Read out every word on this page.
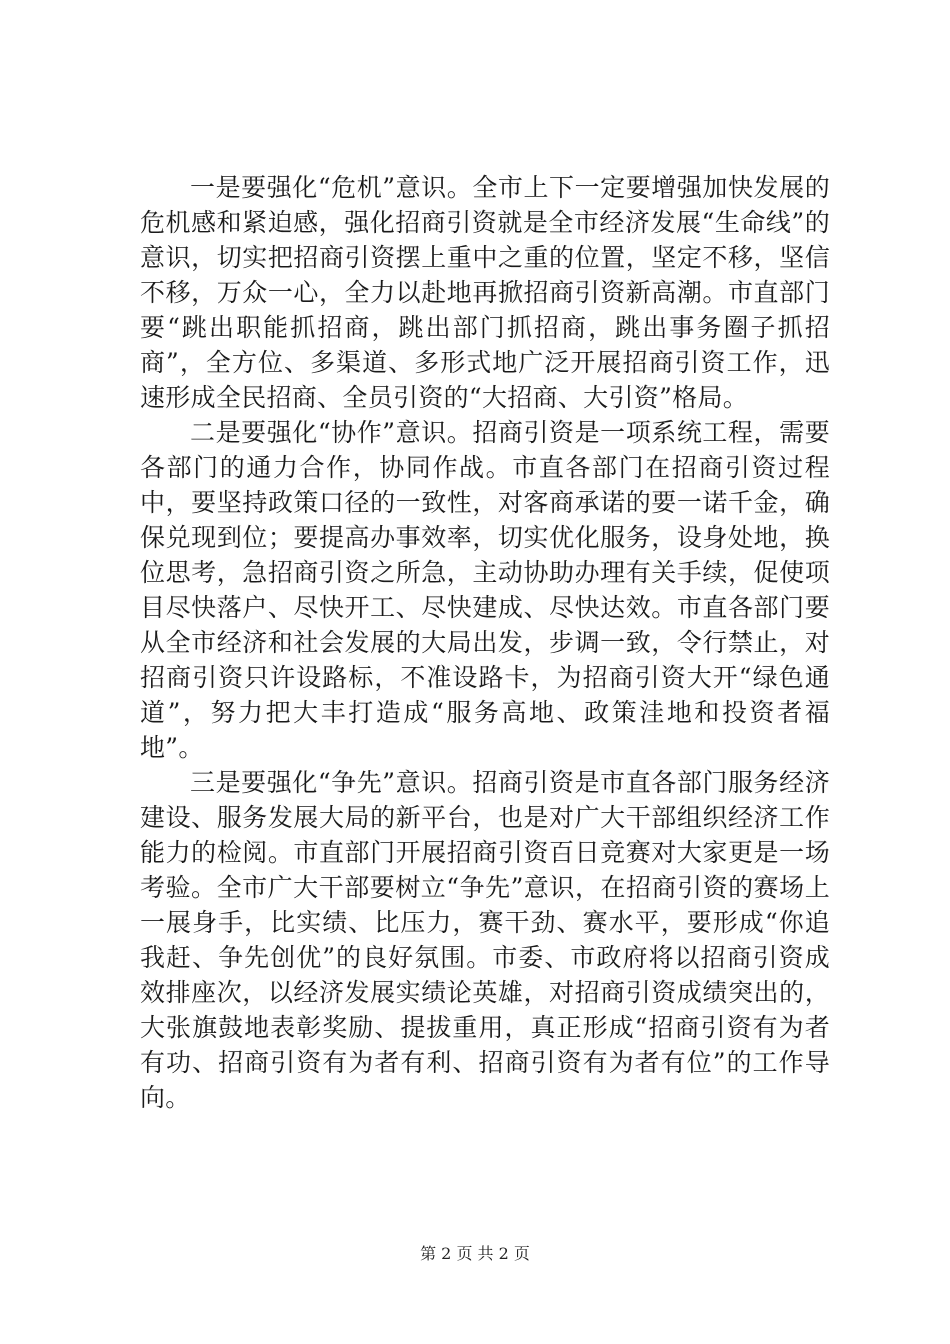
一是要强化“危机”意识。全市上下一定要增强加快发展的危机感和紧迫感，强化招商引资就是全市经济发展“生命线”的意识，切实把招商引资摆上重中之重的位置，坚定不移，坚信不移，万众一心，全力以赴地再掀招商引资新高潮。市直部门要“跳出职能抓招商，跳出部门抓招商，跳出事务圈子抓招商”，全方位、多渠道、多形式地广泛开展招商引资工作，迅速形成全民招商、全员引资的“大招商、大引资”格局。

二是要强化“协作”意识。招商引资是一项系统工程，需要各部门的通力合作，协同作战。市直各部门在招商引资过程中，要坚持政策口径的一致性，对客商承诺的要一诺千金，确保兑现到位；要提高办事效率，切实优化服务，设身处地，换位思考，急招商引资之所急，主动协助办理有关手续，促使项目尽快落户、尽快开工、尽快建成、尽快达效。市直各部门要从全市经济和社会发展的大局出发，步调一致，令行禁止，对招商引资只许设路标，不准设路卡，为招商引资大开“绿色通道”，努力把大丰打造成“服务高地、政策洼地和投资者福地”。

三是要强化“争先”意识。招商引资是市直各部门服务经济建设、服务发展大局的新平台，也是对广大干部组织经济工作能力的检阅。市直部门开展招商引资百日竞赛对大家更是一场考验。全市广大干部要树立“争先”意识，在招商引资的赛场上一展身手，比实绩、比压力，赛干劲、赛水平，要形成“你追我赶、争先创优”的良好氛围。市委、市政府将以招商引资成效排座次，以经济发展实绩论英雄，对招商引资成绩突出的，大张旗鼓地表彰奖励、提拔重用，真正形成“招商引资有为者有功、招商引资有为者有利、招商引资有为者有位”的工作导向。

第 2 页 共 2 页
